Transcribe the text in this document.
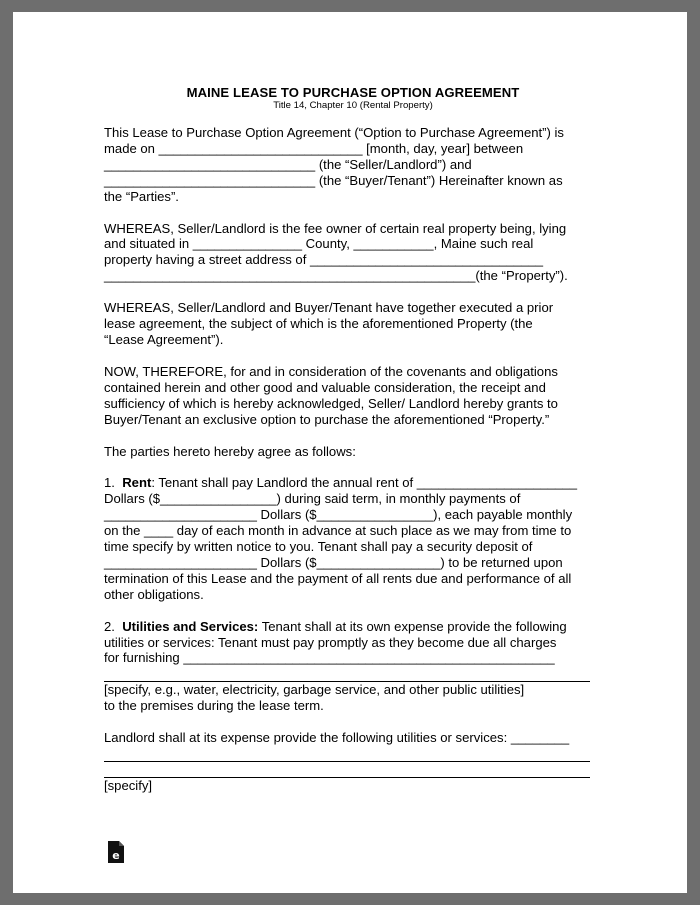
MAINE LEASE TO PURCHASE OPTION AGREEMENT
Title 14, Chapter 10 (Rental Property)

This Lease to Purchase Option Agreement (“Option to Purchase Agreement”) is
made on ____________________________ [month, day, year] between
_____________________________ (the “Seller/Landlord”) and
_____________________________ (the “Buyer/Tenant”) Hereinafter known as
the “Parties”.

WHEREAS, Seller/Landlord is the fee owner of certain real property being, lying
and situated in _______________ County, ___________, Maine such real
property having a street address of ________________________________
___________________________________________________(the “Property”).

WHEREAS, Seller/Landlord and Buyer/Tenant have together executed a prior
lease agreement, the subject of which is the aforementioned Property (the
“Lease Agreement”).

NOW, THEREFORE, for and in consideration of the covenants and obligations
contained herein and other good and valuable consideration, the receipt and
sufficiency of which is hereby acknowledged, Seller/ Landlord hereby grants to
Buyer/Tenant an exclusive option to purchase the aforementioned “Property.”

The parties hereto hereby agree as follows:

1.  Rent: Tenant shall pay Landlord the annual rent of ______________________
Dollars ($________________) during said term, in monthly payments of
_____________________ Dollars ($________________), each payable monthly
on the ____ day of each month in advance at such place as we may from time to
time specify by written notice to you. Tenant shall pay a security deposit of
_____________________ Dollars ($_________________) to be returned upon
termination of this Lease and the payment of all rents due and performance of all
other obligations.

2.  Utilities and Services: Tenant shall at its own expense provide the following
utilities or services: Tenant must pay promptly as they become due all charges
for furnishing ___________________________________________________
[specify, e.g., water, electricity, garbage service, and other public utilities]
to the premises during the lease term.
Landlord shall at its expense provide the following utilities or services: ________
[specify]
e
